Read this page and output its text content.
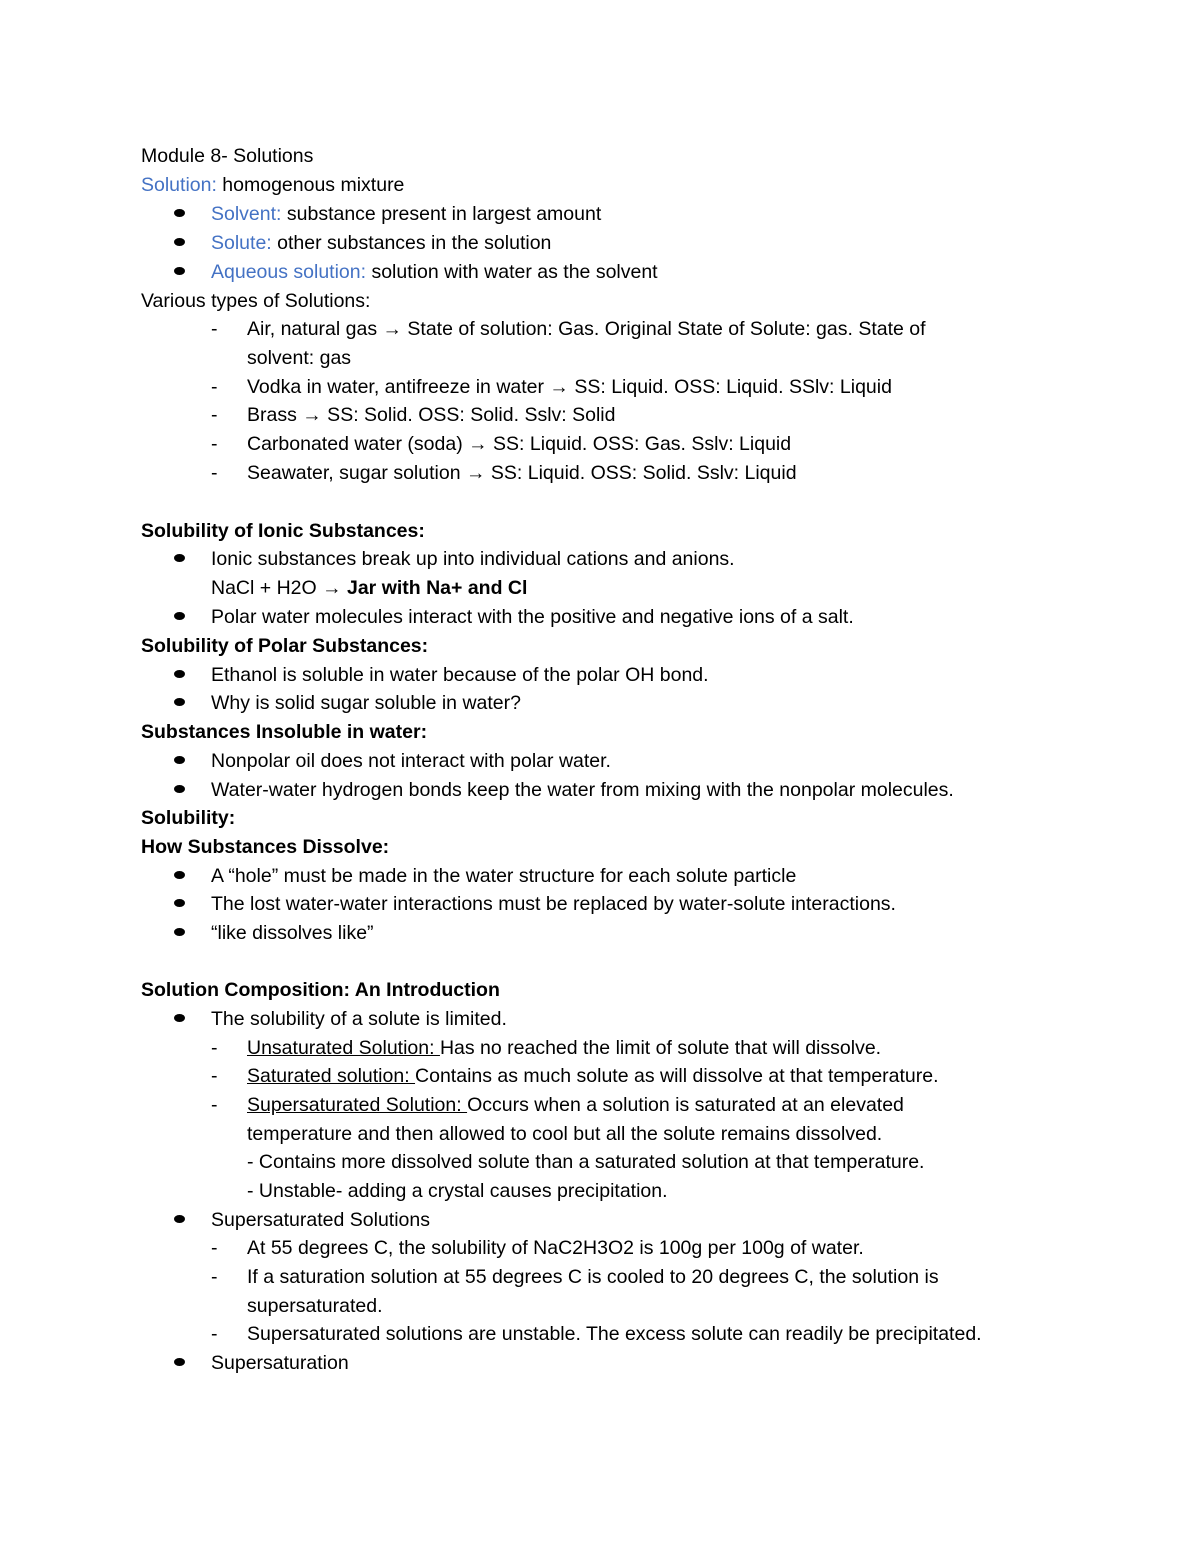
Module 8- Solutions
Solution: homogenous mixture
Solvent: substance present in largest amount
Solute: other substances in the solution
Aqueous solution: solution with water as the solvent
Various types of Solutions:
- Air, natural gas → State of solution: Gas. Original State of Solute: gas. State of
solvent: gas
- Vodka in water, antifreeze in water → SS: Liquid. OSS: Liquid. SSlv: Liquid
- Brass → SS: Solid. OSS: Solid. Sslv: Solid
- Carbonated water (soda) → SS: Liquid. OSS: Gas. Sslv: Liquid
- Seawater, sugar solution → SS: Liquid. OSS: Solid. Sslv: Liquid
Solubility of Ionic Substances:
Ionic substances break up into individual cations and anions.
NaCl + H2O → Jar with Na+ and Cl
Polar water molecules interact with the positive and negative ions of a salt.
Solubility of Polar Substances:
Ethanol is soluble in water because of the polar OH bond.
Why is solid sugar soluble in water?
Substances Insoluble in water:
Nonpolar oil does not interact with polar water.
Water-water hydrogen bonds keep the water from mixing with the nonpolar molecules.
Solubility:
How Substances Dissolve:
A “hole” must be made in the water structure for each solute particle
The lost water-water interactions must be replaced by water-solute interactions.
“like dissolves like”
Solution Composition: An Introduction
The solubility of a solute is limited.
- Unsaturated Solution: Has no reached the limit of solute that will dissolve.
- Saturated solution: Contains as much solute as will dissolve at that temperature.
- Supersaturated Solution: Occurs when a solution is saturated at an elevated
temperature and then allowed to cool but all the solute remains dissolved.
- Contains more dissolved solute than a saturated solution at that temperature.
- Unstable- adding a crystal causes precipitation.
Supersaturated Solutions
- At 55 degrees C, the solubility of NaC2H3O2 is 100g per 100g of water.
- If a saturation solution at 55 degrees C is cooled to 20 degrees C, the solution is
supersaturated.
- Supersaturated solutions are unstable. The excess solute can readily be precipitated.
Supersaturation
